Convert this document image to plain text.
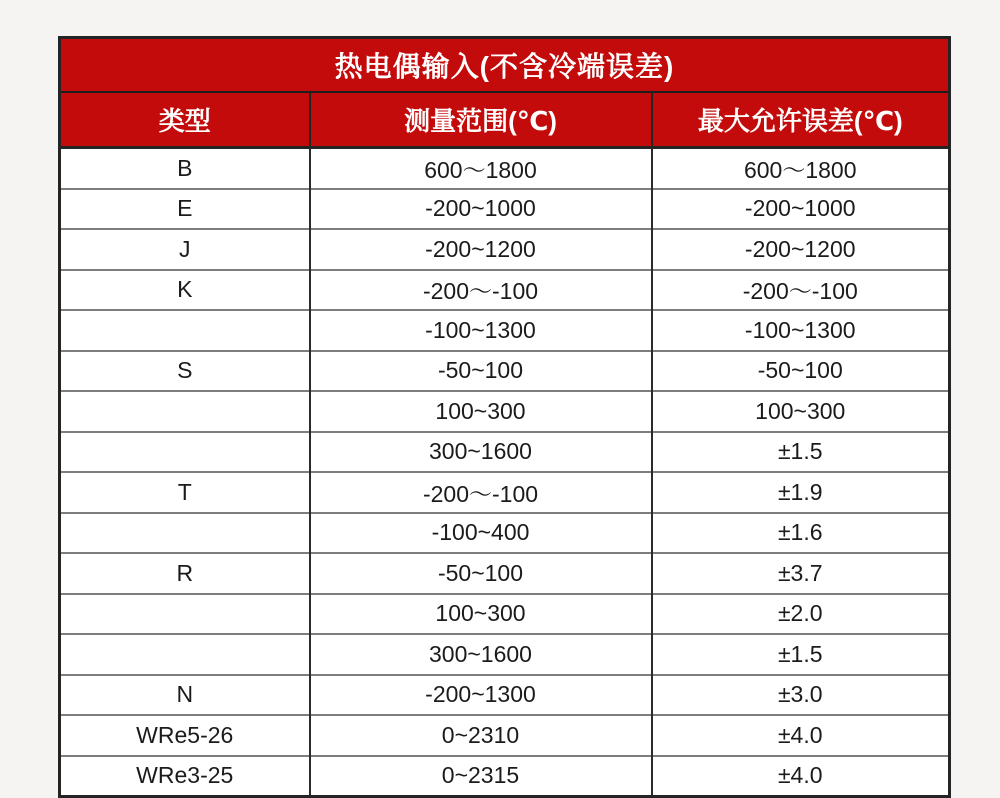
热电偶输入(不含冷端误差)		
类型	测量范围(℃)	最大允许误差(℃)
B	600～1800	600～1800
E	-200~1000	-200~1000
J	-200~1200	-200~1200
K	-200～-100	-200～-100
	-100~1300	-100~1300
S	-50~100	-50~100
	100~300	100~300
	300~1600	±1.5
T	-200～-100	±1.9
	-100~400	±1.6
R	-50~100	±3.7
	100~300	±2.0
	300~1600	±1.5
N	-200~1300	±3.0
WRe5-26	0~2310	±4.0
WRe3-25	0~2315	±4.0
